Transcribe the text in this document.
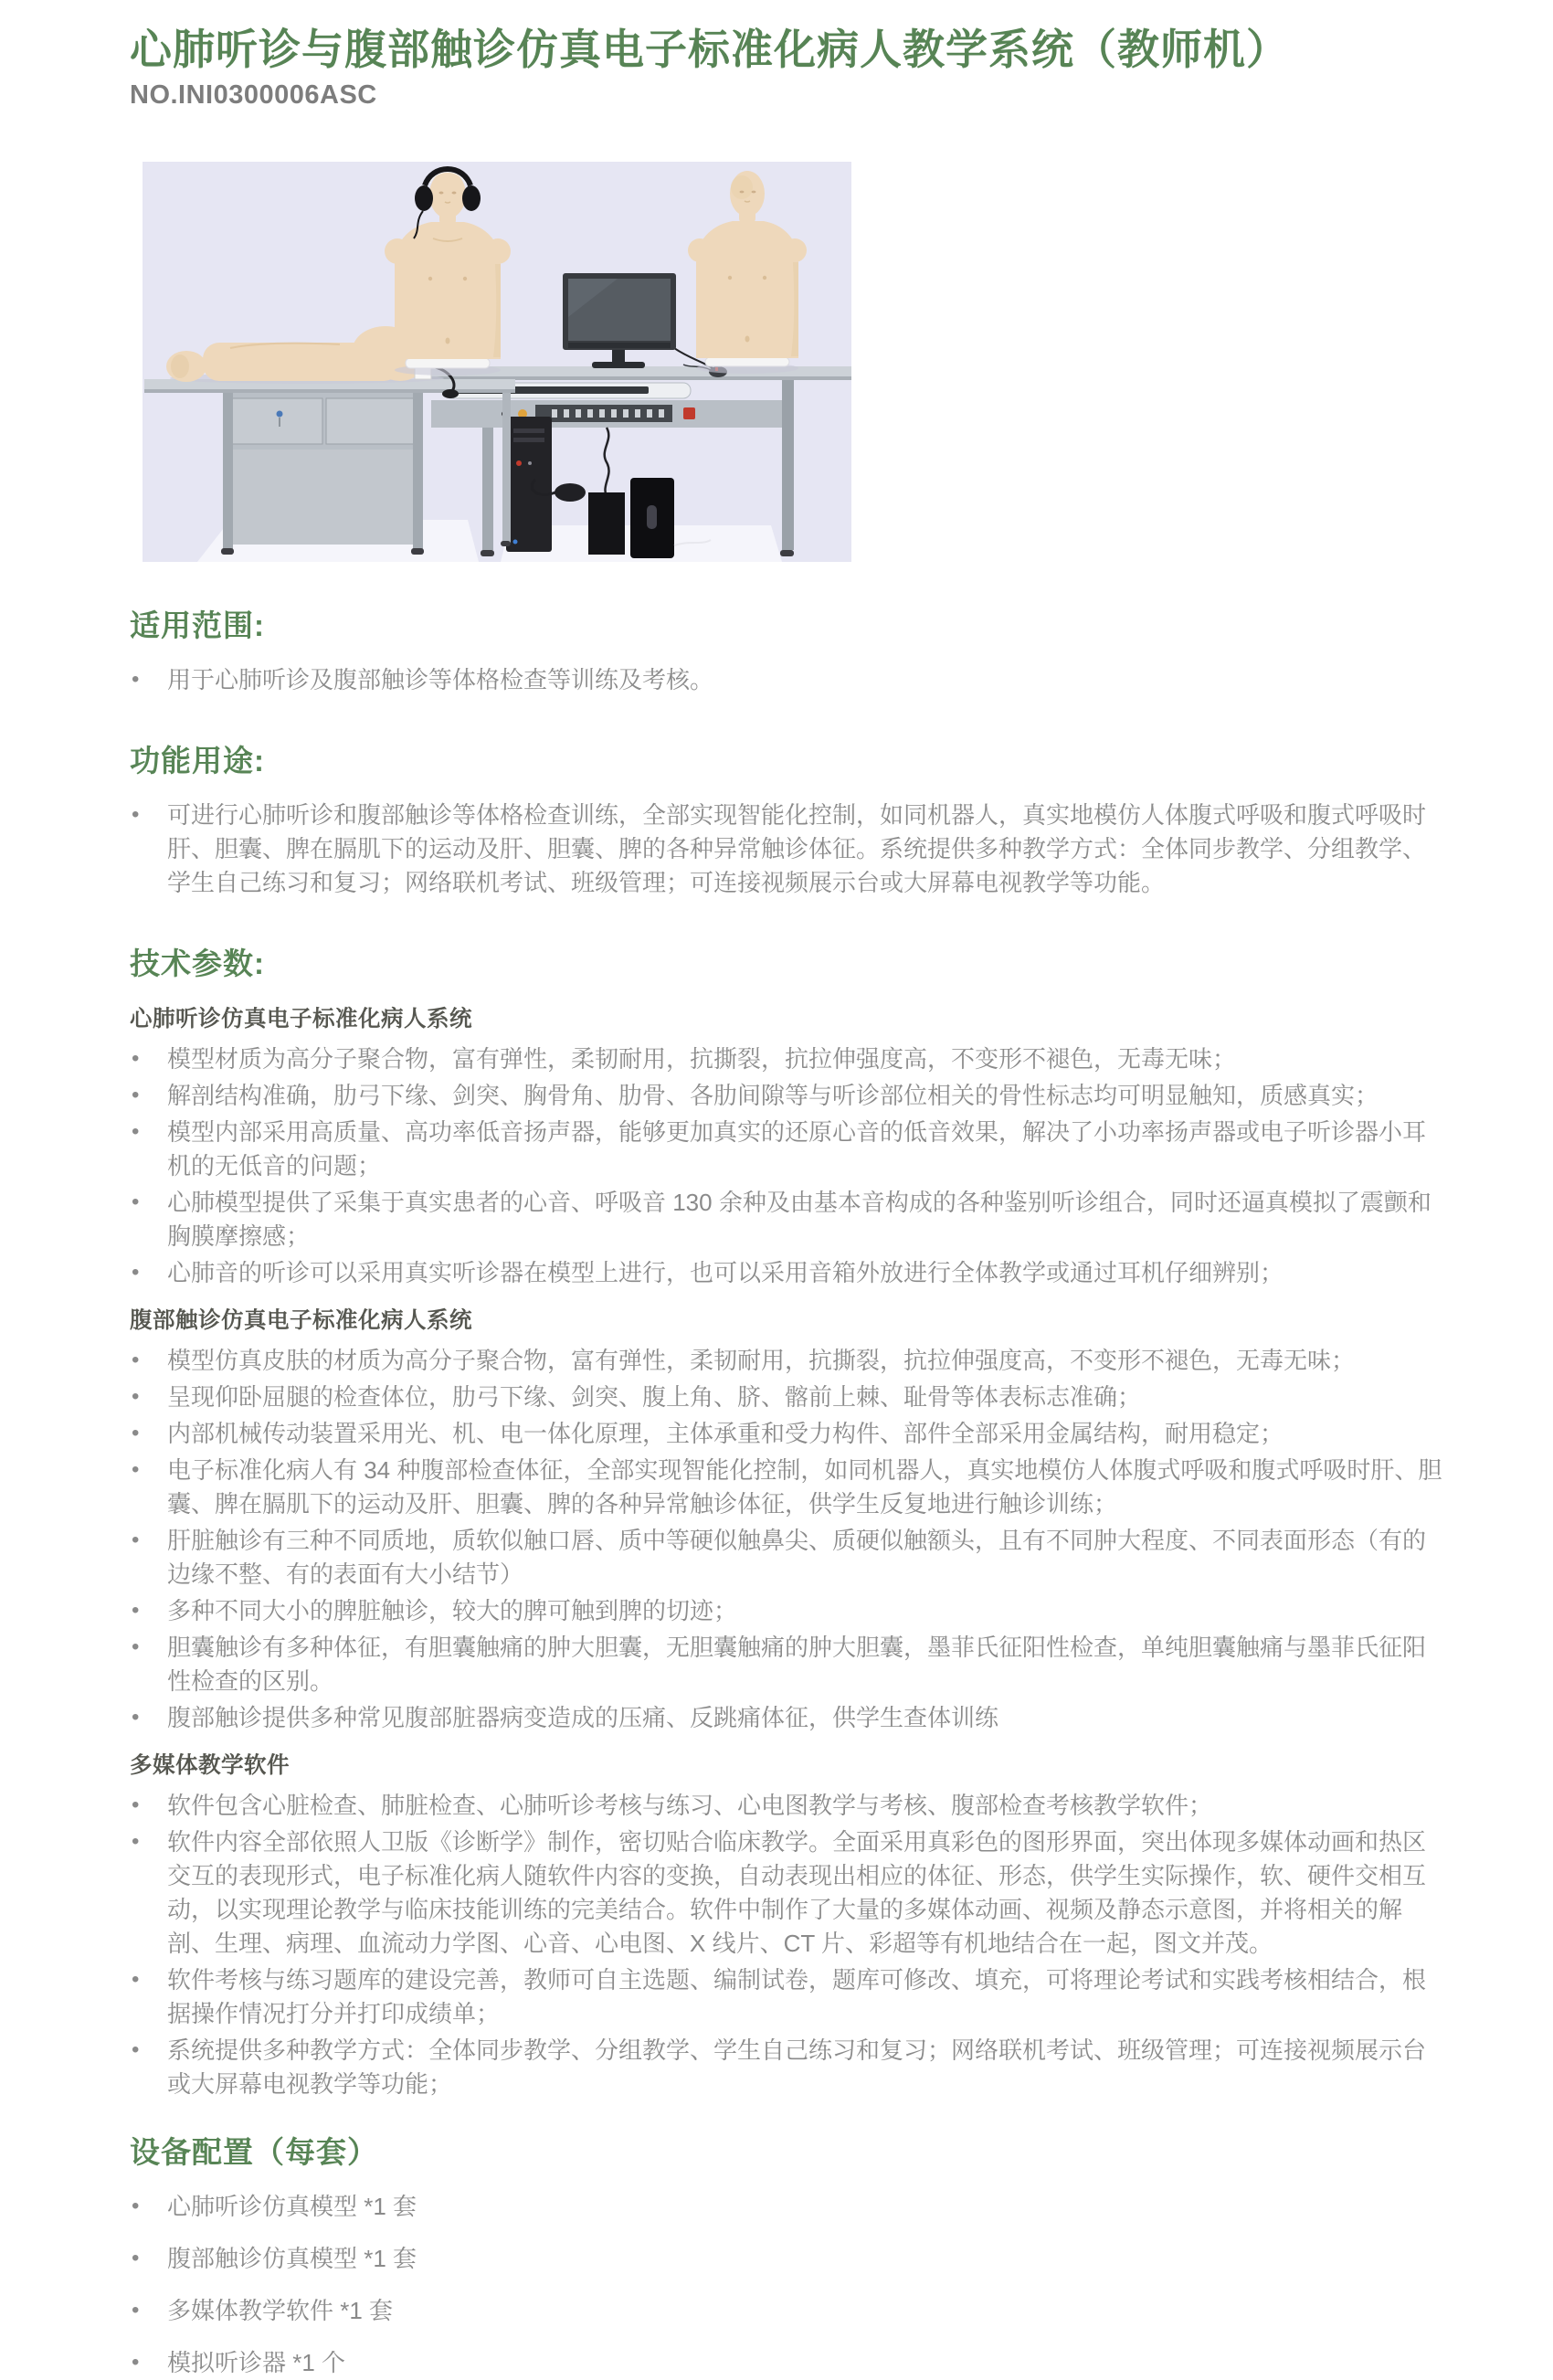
心肺听诊与腹部触诊仿真电子标准化病人教学系统（教师机）
NO.INI0300006ASC
适用范围:
• 用于心肺听诊及腹部触诊等体格检查等训练及考核。
功能用途:
• 可进行心肺听诊和腹部触诊等体格检查训练，全部实现智能化控制，如同机器人，真实地模仿人体腹式呼吸和腹式呼吸时肝、胆囊、脾在膈肌下的运动及肝、胆囊、脾的各种异常触诊体征。系统提供多种教学方式：全体同步教学、分组教学、学生自己练习和复习；网络联机考试、班级管理；可连接视频展示台或大屏幕电视教学等功能。
技术参数:
心肺听诊仿真电子标准化病人系统
• 模型材质为高分子聚合物，富有弹性，柔韧耐用，抗撕裂，抗拉伸强度高，不变形不褪色，无毒无味；
• 解剖结构准确，肋弓下缘、剑突、胸骨角、肋骨、各肋间隙等与听诊部位相关的骨性标志均可明显触知，质感真实；
• 模型内部采用高质量、高功率低音扬声器，能够更加真实的还原心音的低音效果，解决了小功率扬声器或电子听诊器小耳机的无低音的问题；
• 心肺模型提供了采集于真实患者的心音、呼吸音 130 余种及由基本音构成的各种鉴别听诊组合，同时还逼真模拟了震颤和胸膜摩擦感；
• 心肺音的听诊可以采用真实听诊器在模型上进行，也可以采用音箱外放进行全体教学或通过耳机仔细辨别；
腹部触诊仿真电子标准化病人系统
• 模型仿真皮肤的材质为高分子聚合物，富有弹性，柔韧耐用，抗撕裂，抗拉伸强度高，不变形不褪色，无毒无味；
• 呈现仰卧屈腿的检查体位，肋弓下缘、剑突、腹上角、脐、髂前上棘、耻骨等体表标志准确；
• 内部机械传动装置采用光、机、电一体化原理，主体承重和受力构件、部件全部采用金属结构，耐用稳定；
• 电子标准化病人有 34 种腹部检查体征，全部实现智能化控制，如同机器人，真实地模仿人体腹式呼吸和腹式呼吸时肝、胆囊、脾在膈肌下的运动及肝、胆囊、脾的各种异常触诊体征，供学生反复地进行触诊训练；
• 肝脏触诊有三种不同质地，质软似触口唇、质中等硬似触鼻尖、质硬似触额头，且有不同肿大程度、不同表面形态（有的边缘不整、有的表面有大小结节）
• 多种不同大小的脾脏触诊，较大的脾可触到脾的切迹；
• 胆囊触诊有多种体征，有胆囊触痛的肿大胆囊，无胆囊触痛的肿大胆囊，墨菲氏征阳性检查，单纯胆囊触痛与墨菲氏征阳性检查的区别。
• 腹部触诊提供多种常见腹部脏器病变造成的压痛、反跳痛体征，供学生查体训练
多媒体教学软件
• 软件包含心脏检查、肺脏检查、心肺听诊考核与练习、心电图教学与考核、腹部检查考核教学软件；
• 软件内容全部依照人卫版《诊断学》制作，密切贴合临床教学。全面采用真彩色的图形界面，突出体现多媒体动画和热区交互的表现形式，电子标准化病人随软件内容的变换，自动表现出相应的体征、形态，供学生实际操作，软、硬件交相互动，以实现理论教学与临床技能训练的完美结合。软件中制作了大量的多媒体动画、视频及静态示意图，并将相关的解剖、生理、病理、血流动力学图、心音、心电图、X 线片、CT 片、彩超等有机地结合在一起，图文并茂。
• 软件考核与练习题库的建设完善，教师可自主选题、编制试卷，题库可修改、填充，可将理论考试和实践考核相结合，根据操作情况打分并打印成绩单；
• 系统提供多种教学方式：全体同步教学、分组教学、学生自己练习和复习；网络联机考试、班级管理；可连接视频展示台或大屏幕电视教学等功能；
设备配置（每套）
• 心肺听诊仿真模型 *1 套
• 腹部触诊仿真模型 *1 套
• 多媒体教学软件 *1 套
• 模拟听诊器 *1 个
